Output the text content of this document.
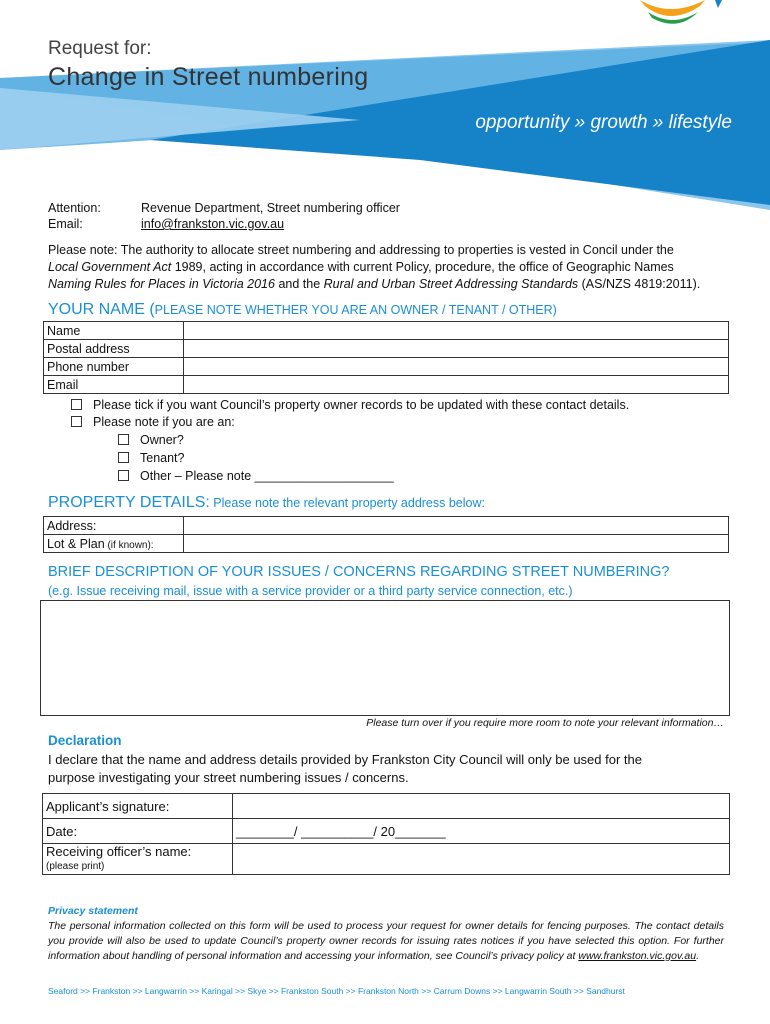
Request for:
Change in Street numbering
opportunity » growth » lifestyle
Attention:	Revenue Department, Street numbering officer
Email:	info@frankston.vic.gov.au
Please note: The authority to allocate street numbering and addressing to properties is vested in Concil under the
Local Government Act 1989, acting in accordance with current Policy, procedure, the office of Geographic Names
Naming Rules for Places in Victoria 2016 and the Rural and Urban Street Addressing Standards (AS/NZS 4819:2011).
YOUR NAME (PLEASE NOTE WHETHER YOU ARE AN OWNER / TENANT / OTHER)
Name	
Postal address	
Phone number	
Email	
Please tick if you want Council’s property owner records to be updated with these contact details.
Please note if you are an:
Owner?
Tenant?
Other – Please note ____________________
PROPERTY DETAILS: Please note the relevant property address below:
Address:	
Lot & Plan (if known):	
BRIEF DESCRIPTION OF YOUR ISSUES / CONCERNS REGARDING STREET NUMBERING?
(e.g. Issue receiving mail, issue with a service provider or a third party service connection, etc.)
Please turn over if you require more room to note your relevant information…
Declaration
I declare that the name and address details provided by Frankston City Council will only be used for the
purpose investigating your street numbering issues / concerns.
Applicant’s signature:	
Date:	________/ __________/ 20_______

Receiving officer’s name:
(please print)	

Privacy statement
The personal information collected on this form will be used to process your request for owner details for fencing purposes. The contact details you provide will also be used to update Council’s property owner records for issuing rates notices if you have selected this option. For further information about handling of personal information and accessing your information, see Council’s privacy policy at www.frankston.vic.gov.au.
Seaford >> Frankston >> Langwarrin >> Karingal >> Skye >> Frankston South >> Frankston North >> Carrum Downs >> Langwarrin South >> Sandhurst
